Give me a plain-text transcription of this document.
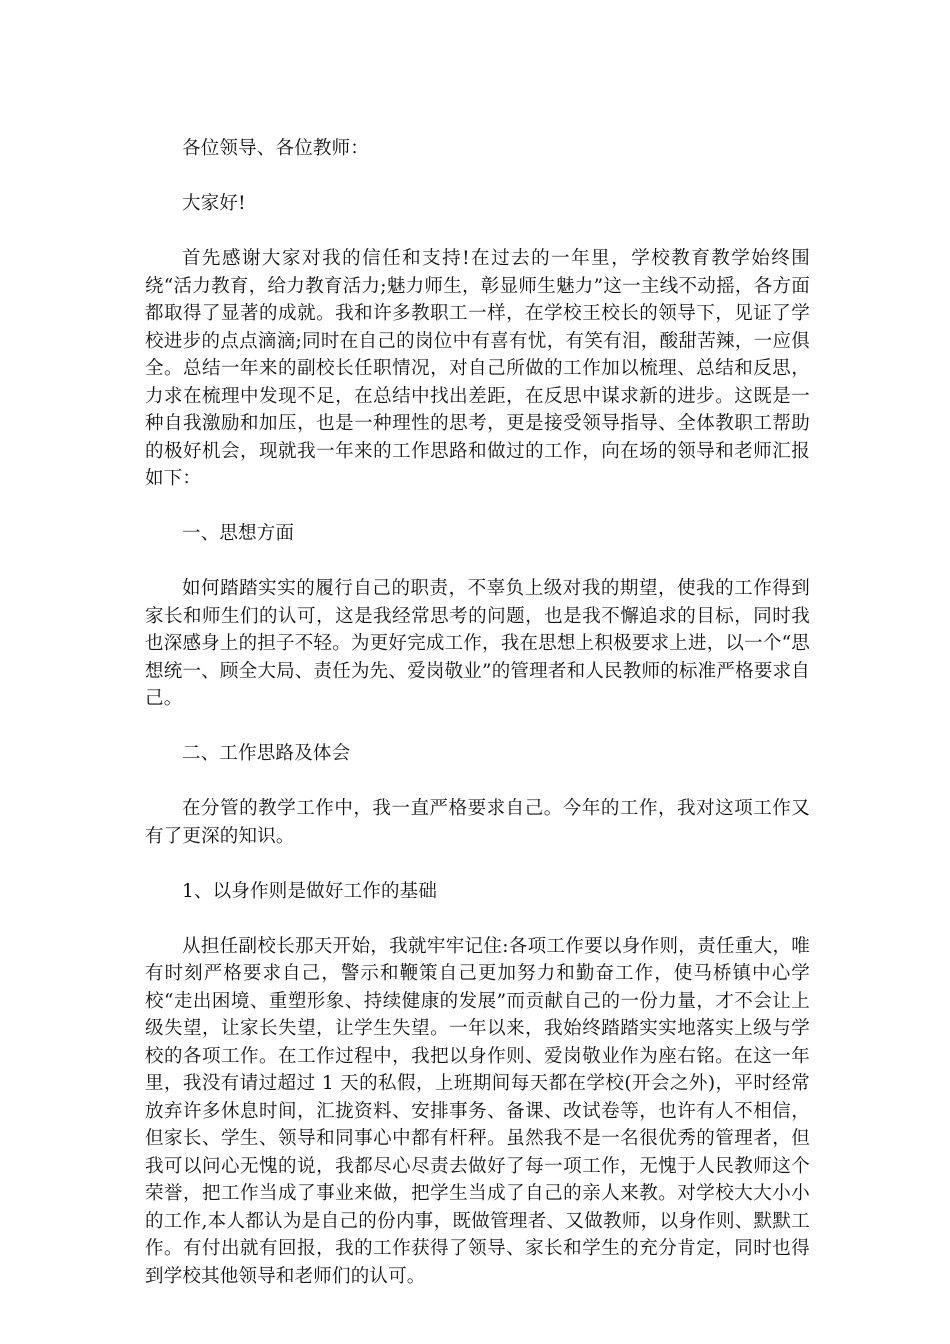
各位领导、各位教师：

大家好!

首先感谢大家对我的信任和支持!在过去的一年里，学校教育教学始终围绕“活力教育，给力教育活力;魅力师生，彰显师生魅力”这一主线不动摇，各方面都取得了显著的成就。我和许多教职工一样，在学校王校长的领导下，见证了学校进步的点点滴滴;同时在自己的岗位中有喜有忧，有笑有泪，酸甜苦辣，一应俱全。总结一年来的副校长任职情况，对自己所做的工作加以梳理、总结和反思，力求在梳理中发现不足，在总结中找出差距，在反思中谋求新的进步。这既是一种自我激励和加压，也是一种理性的思考，更是接受领导指导、全体教职工帮助的极好机会，现就我一年来的工作思路和做过的工作，向在场的领导和老师汇报如下：

一、思想方面

如何踏踏实实的履行自己的职责，不辜负上级对我的期望，使我的工作得到家长和师生们的认可，这是我经常思考的问题，也是我不懈追求的目标，同时我也深感身上的担子不轻。为更好完成工作，我在思想上积极要求上进，以一个“思想统一、顾全大局、责任为先、爱岗敬业”的管理者和人民教师的标准严格要求自己。

二、工作思路及体会

在分管的教学工作中，我一直严格要求自己。今年的工作，我对这项工作又有了更深的知识。

1、以身作则是做好工作的基础

从担任副校长那天开始，我就牢牢记住:各项工作要以身作则，责任重大，唯有时刻严格要求自己，警示和鞭策自己更加努力和勤奋工作，使马桥镇中心学校“走出困境、重塑形象、持续健康的发展”而贡献自己的一份力量，才不会让上级失望，让家长失望，让学生失望。一年以来，我始终踏踏实实地落实上级与学校的各项工作。在工作过程中，我把以身作则、爱岗敬业作为座右铭。在这一年里，我没有请过超过 1 天的私假，上班期间每天都在学校(开会之外)，平时经常放弃许多休息时间，汇拢资料、安排事务、备课、改试卷等，也许有人不相信，但家长、学生、领导和同事心中都有杆秤。虽然我不是一名很优秀的管理者，但我可以问心无愧的说，我都尽心尽责去做好了每一项工作，无愧于人民教师这个荣誉，把工作当成了事业来做，把学生当成了自己的亲人来教。对学校大大小小的工作,本人都认为是自己的份内事，既做管理者、又做教师，以身作则、默默工作。有付出就有回报，我的工作获得了领导、家长和学生的充分肯定，同时也得到学校其他领导和老师们的认可。
